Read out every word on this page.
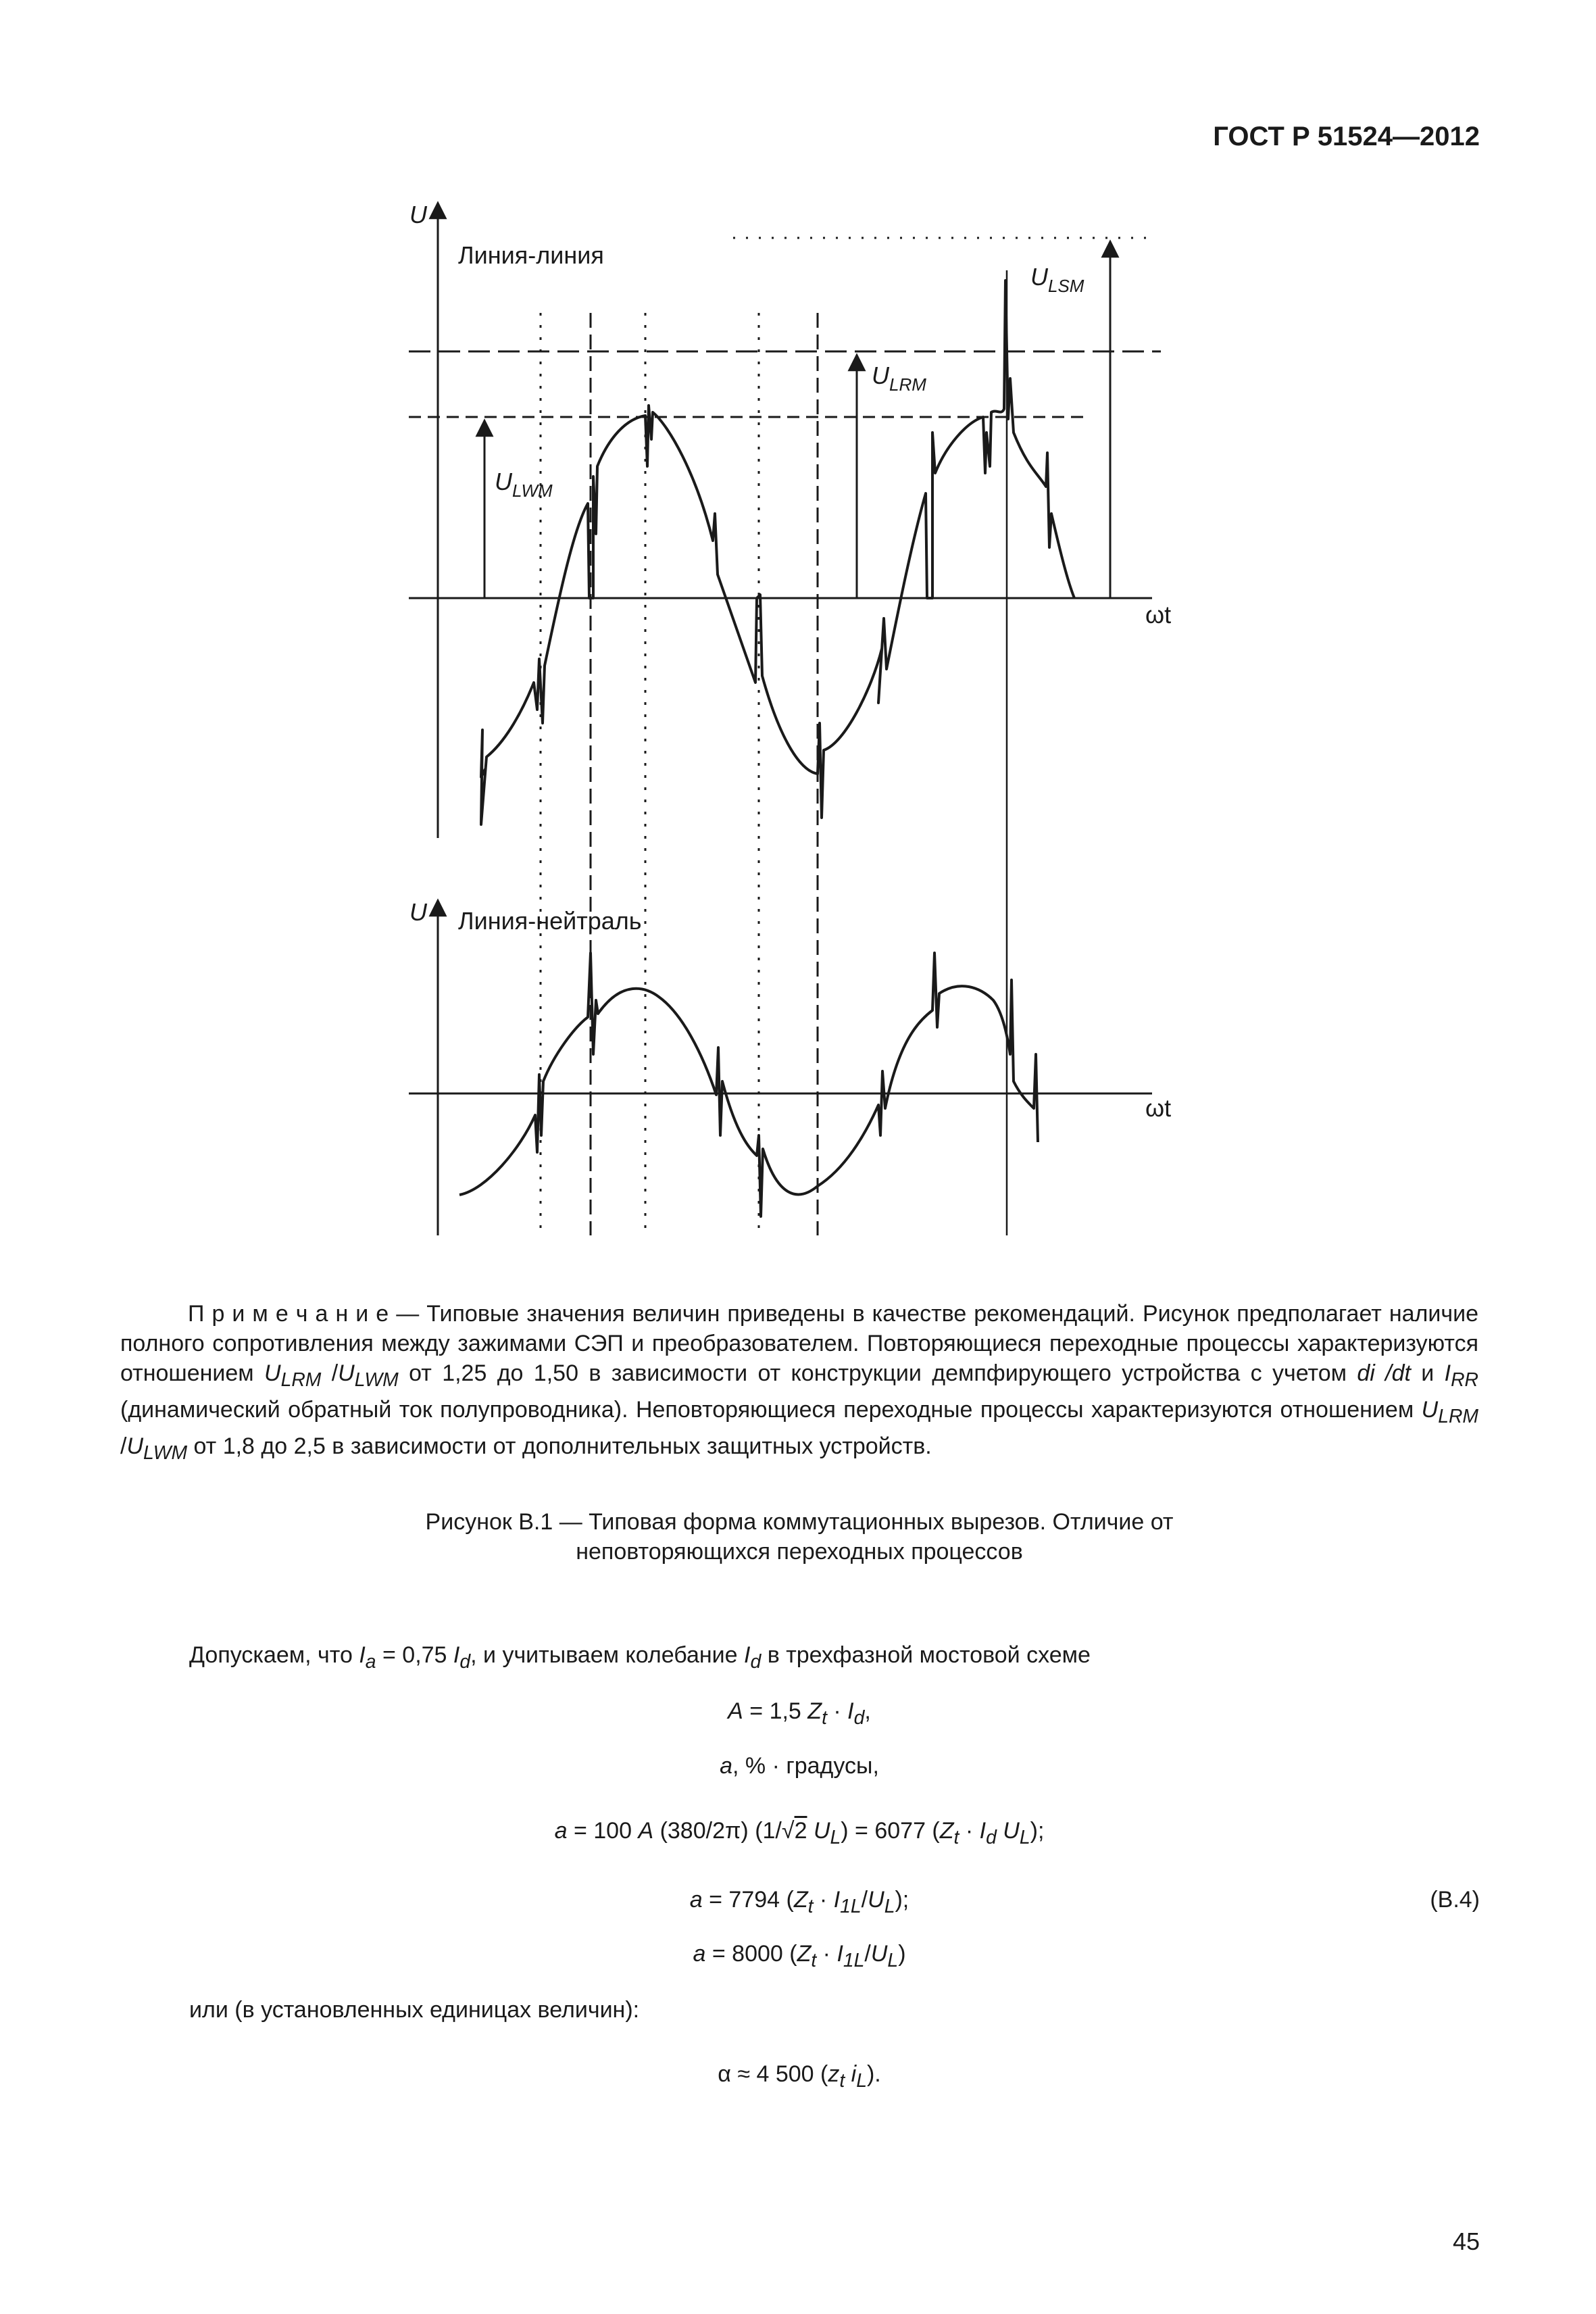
ГОСТ Р 51524—2012
U
Линия-линия
ωt
$U_{LSM}$
$U_{LRM}$
$U_{LWM}$
U Линия-нейтраль
ωt
П р и м е ч а н и е — Типовые значения величин приведены в качестве рекомендаций. Рисунок предполагает наличие полного сопротивления между зажимами СЭП и преобразователем. Повторяющиеся переходные процессы характеризуются отношением $U_{LRM}$ $/U_{LWM}$ от 1,25 до 1,50 в зависимости от конструкции демпфирующего устройства с учетом di /dt и $I_{RR}$ (динамический обратный ток полупроводника). Неповторяющиеся переходные процессы характеризуются отношением $U_{LRM}$ $/U_{LWM}$ от 1,8 до 2,5 в зависимости от дополнительных защитных устройств.
Рисунок В.1 — Типовая форма коммутационных вырезов. Отличие от
неповторяющихся переходных процессов
Допускаем, что $I_a = 0,75$ $I_d$, и учитываем колебание $I_d$ в трехфазной мостовой схеме
A = 1,5 $Z_t \cdot I_d$,
a, % · градусы,
a = 100 A (380/2π) (1/√2 $U_L) = 6077$ ($Z_t \cdot I_d$ $U_L$);
a = 7794 $(Z_t \cdot I_{1L}/U_L)$;	(В.4)
a = 8000 $(Z_t \cdot I_{1L}/U_L)$
или (в установленных единицах величин):
α ≈ 4 500 ($z_t$ $i_L$).
45
